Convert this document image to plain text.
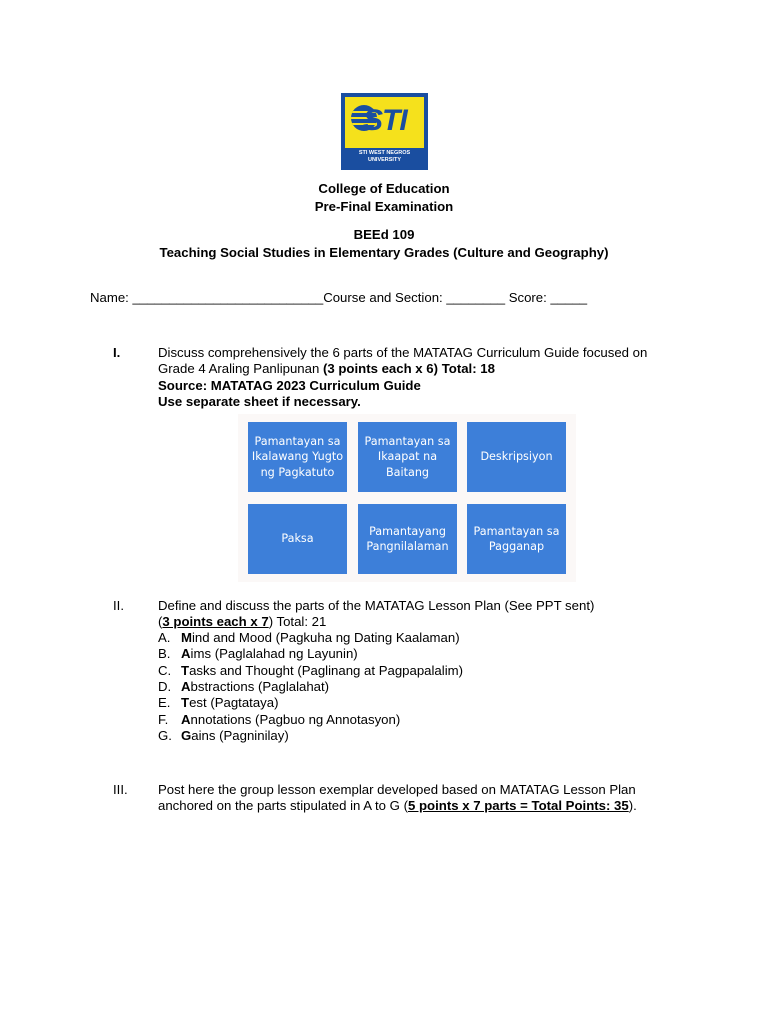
STI
STI WEST NEGROS
UNIVERSITY
College of Education
Pre-Final Examination
BEEd 109
Teaching Social Studies in Elementary Grades (Culture and Geography)
Name: __________________________Course and Section: ________ Score: _____
I.	Discuss comprehensively the 6 parts of the MATATAG Curriculum Guide focused on
Grade 4 Araling Panlipunan (3 points each x 6) Total: 18
Source: MATATAG 2023 Curriculum Guide
Use separate sheet if necessary.
Pamantayan sa Ikalawang Yugto ng Pagkatuto
Pamantayan sa Ikaapat na Baitang
Deskripsiyon
Paksa
Pamantayang Pangnilalaman
Pamantayan sa Pagganap
II.	Define and discuss the parts of the MATATAG Lesson Plan (See PPT sent)
(3 points each x 7) Total: 21
A. Mind and Mood (Pagkuha ng Dating Kaalaman)
B. Aims (Paglalahad ng Layunin)
C. Tasks and Thought (Paglinang at Pagpapalalim)
D. Abstractions (Paglalahat)
E. Test (Pagtataya)
F. Annotations (Pagbuo ng Annotasyon)
G. Gains (Pagninilay)
III. Post here the group lesson exemplar developed based on MATATAG Lesson Plan
anchored on the parts stipulated in A to G (5 points x 7 parts = Total Points: 35).
